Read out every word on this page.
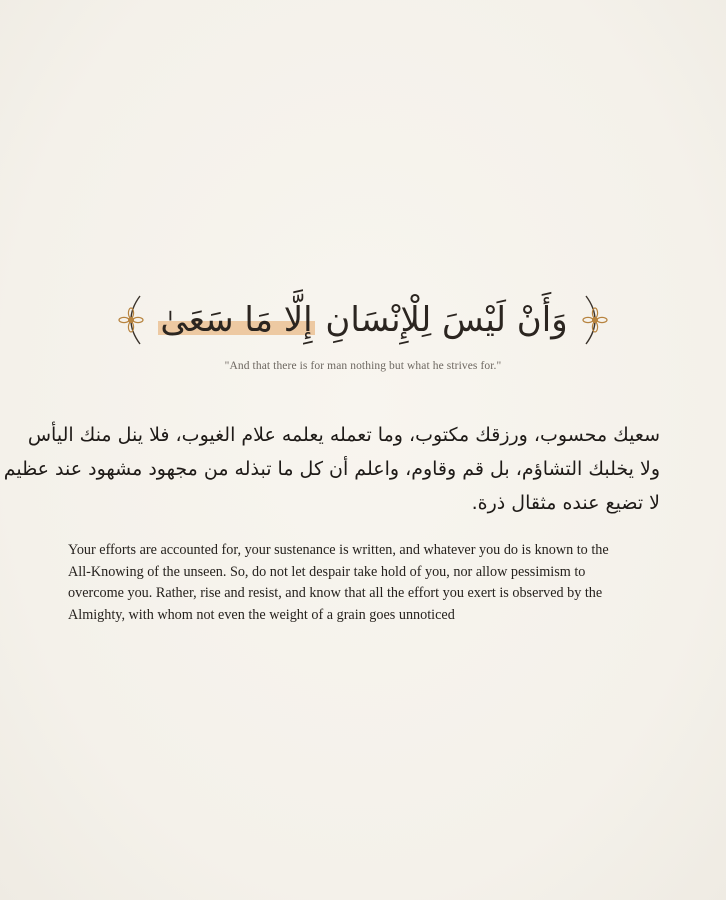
وَأَنْ لَيْسَ لِلْإِنْسَانِ إِلَّا مَا سَعَىٰ
"And that there is for man nothing but what he strives for."
سعيك محسوب، ورزقك مكتوب، وما تعمله يعلمه علام الغيوب، فلا ينل منك اليأس
ولا يخلبك التشاؤم، بل قم وقاوم، واعلم أن كل ما تبذله من مجهود مشهود عند عظيم
لا تضيع عنده مثقال ذرة.
Your efforts are accounted for, your sustenance is written, and whatever you do is known to the
All-Knowing of the unseen. So, do not let despair take hold of you, nor allow pessimism to
overcome you. Rather, rise and resist, and know that all the effort you exert is observed by the
Almighty, with whom not even the weight of a grain goes unnoticed
